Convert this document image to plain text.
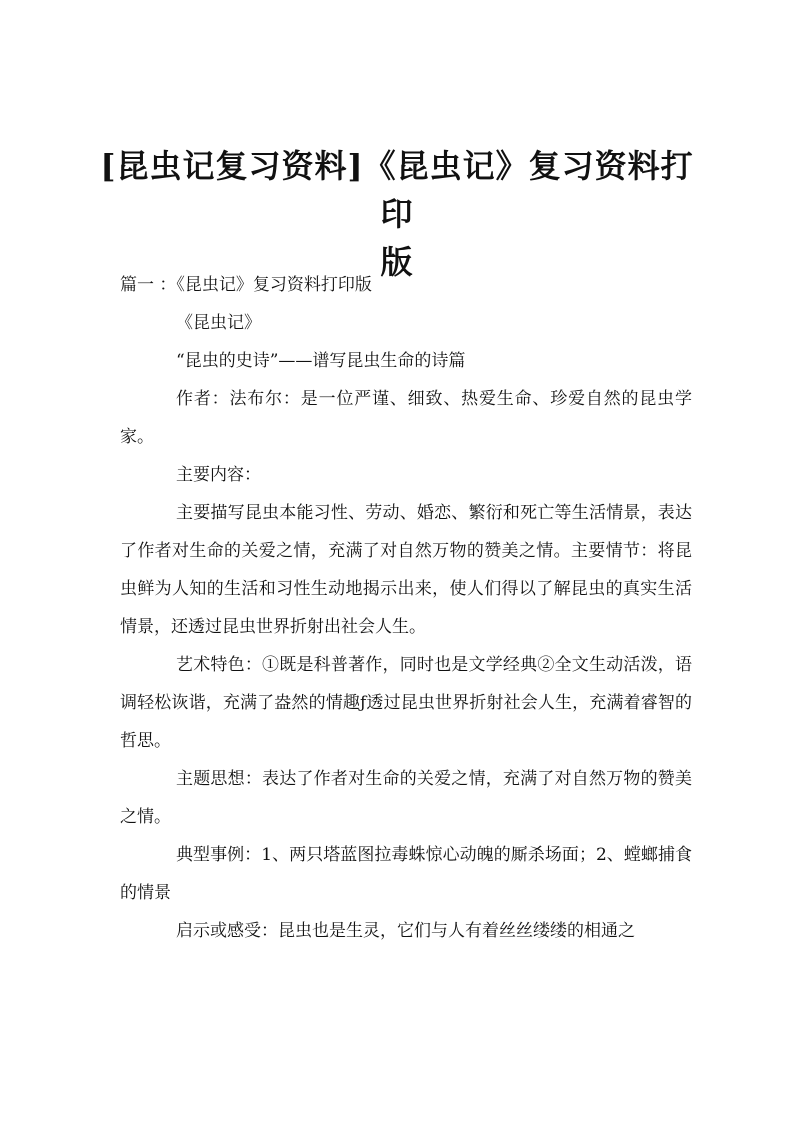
[昆虫记复习资料]《昆虫记》复习资料打印
版

篇一 ：《昆虫记》复习资料打印版

《昆虫记》

“昆虫的史诗”——谱写昆虫生命的诗篇

作者：法布尔：是一位严谨、细致、热爱生命、珍爱自然的昆虫学家。

主要内容：

主要描写昆虫本能习性、劳动、婚恋、繁衍和死亡等生活情景，表达了作者对生命的关爱之情，充满了对自然万物的赞美之情。主要情节：将昆虫鲜为人知的生活和习性生动地揭示出来，使人们得以了解昆虫的真实生活情景，还透过昆虫世界折射出社会人生。

艺术特色：①既是科普著作，同时也是文学经典②全文生动活泼，语调轻松诙谐，充满了盎然的情趣ƒ透过昆虫世界折射社会人生，充满着睿智的哲思。

主题思想：表达了作者对生命的关爱之情，充满了对自然万物的赞美之情。

典型事例：1、两只塔蓝图拉毒蛛惊心动魄的厮杀场面；2、螳螂捕食的情景

启示或感受：昆虫也是生灵，它们与人有着丝丝缕缕的相通之
